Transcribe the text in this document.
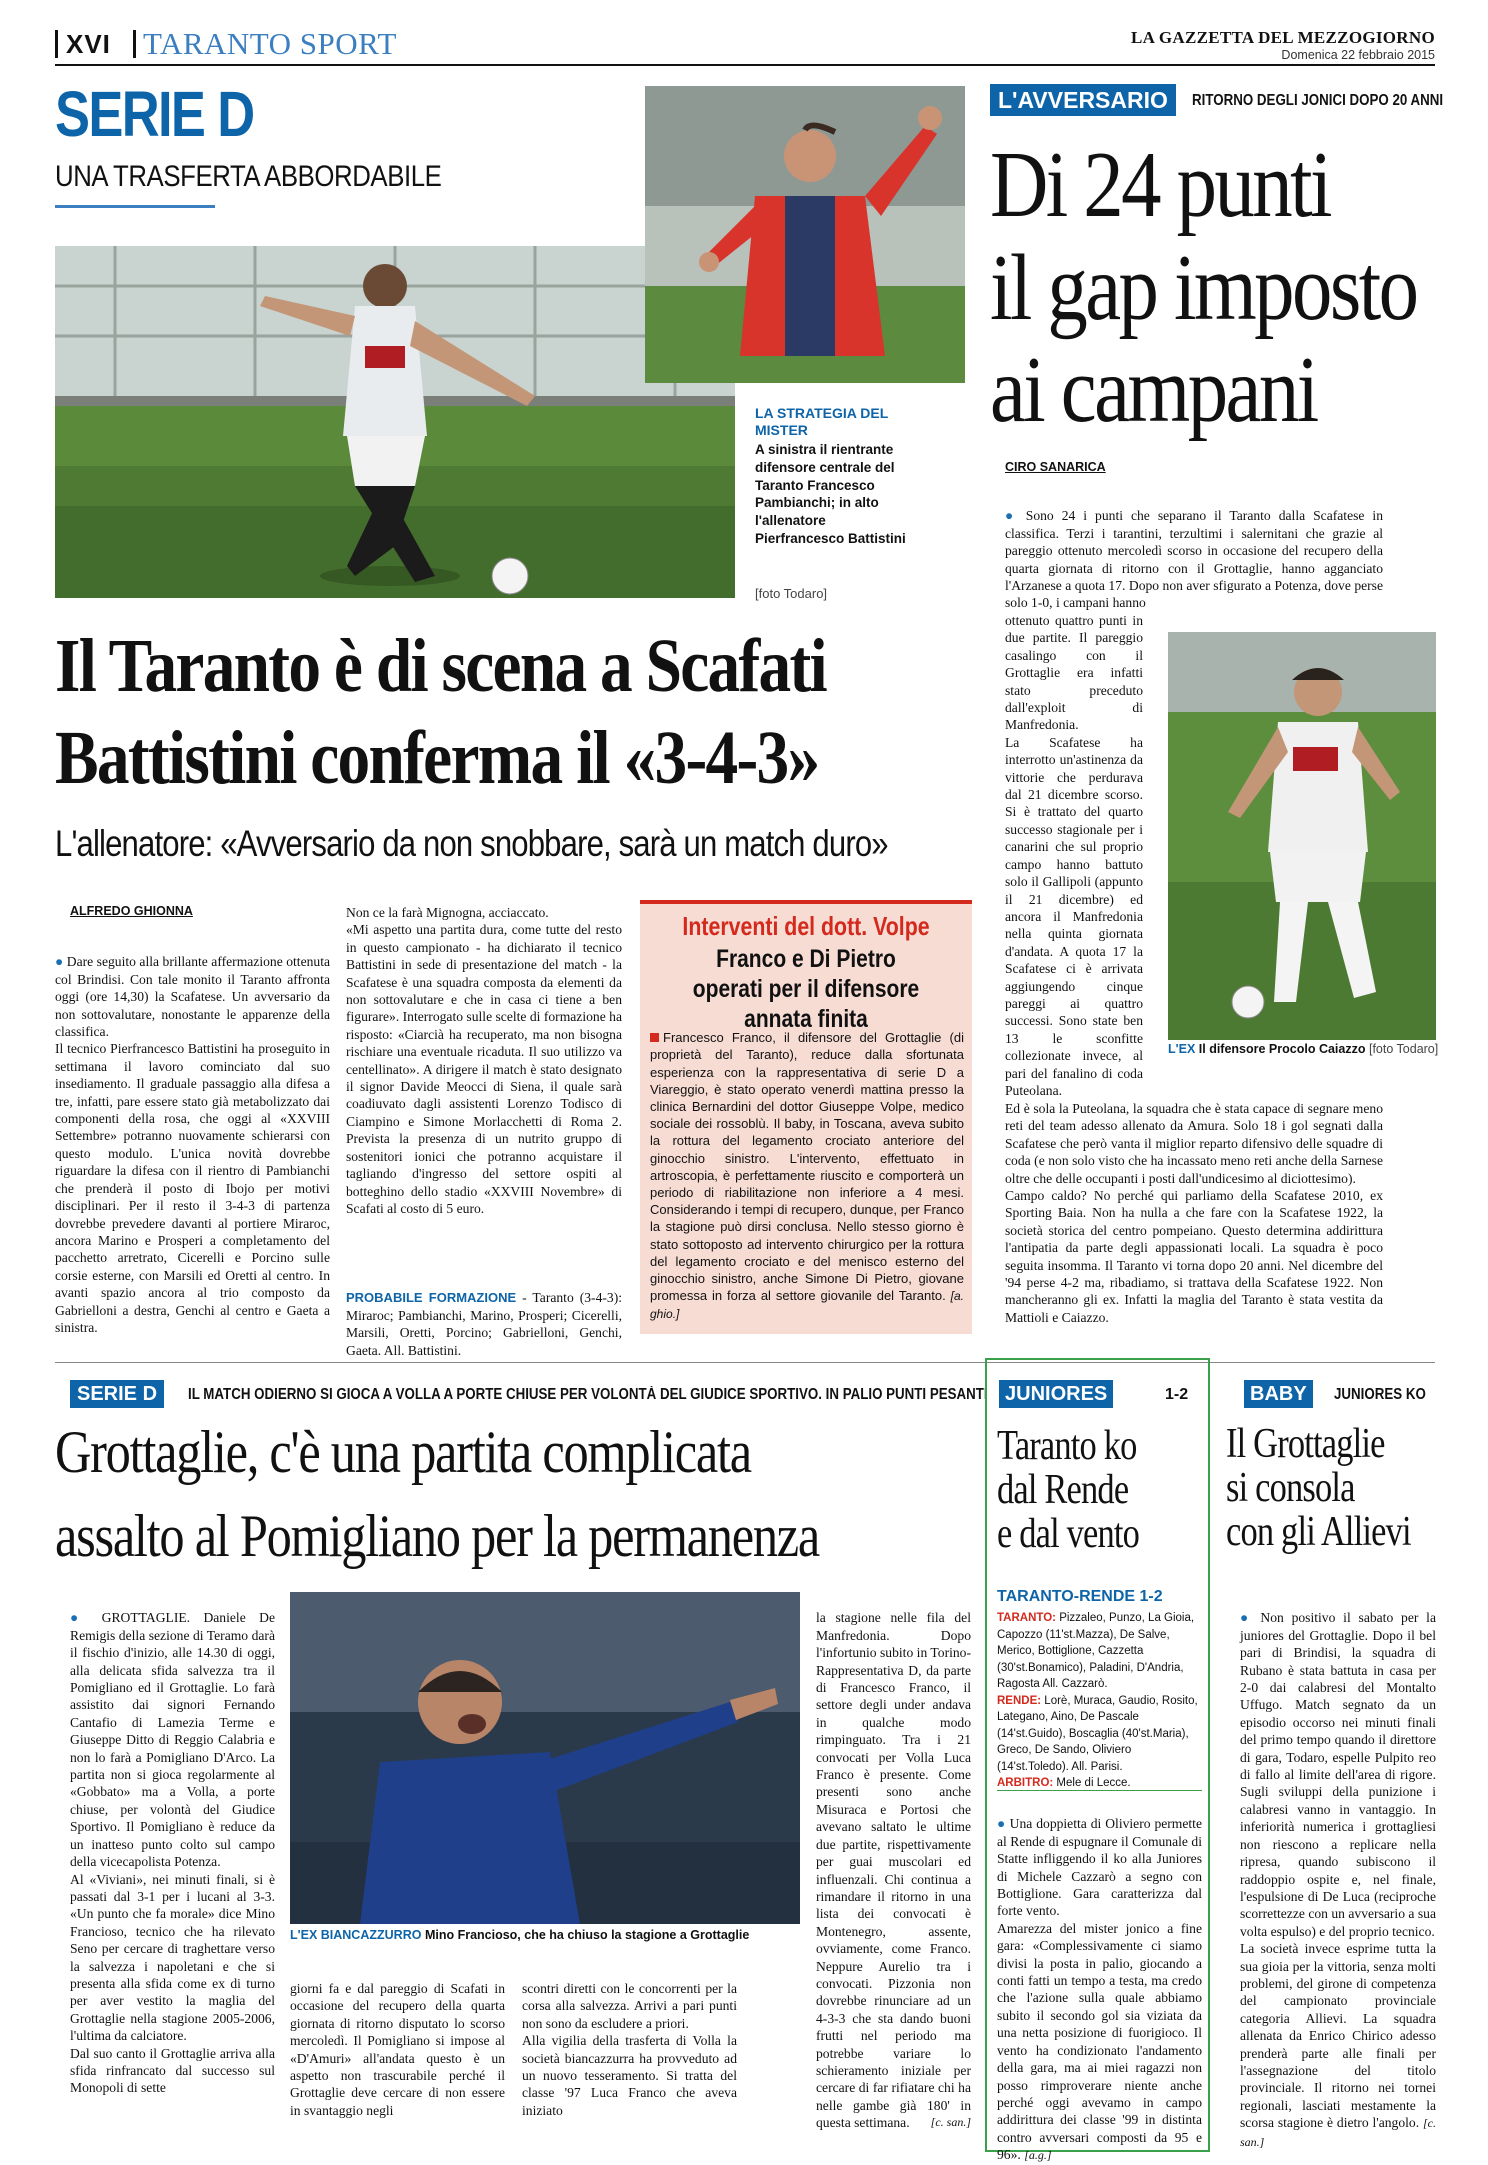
XVI TARANTO SPORT	LA GAZZETTA DEL MEZZOGIORNO
Domenica 22 febbraio 2015
SERIE D
UNA TRASFERTA ABBORDABILE
LA STRATEGIA DEL MISTER
A sinistra il rientrante difensore centrale del Taranto Francesco Pambianchi; in alto l'allenatore Pierfrancesco Battistini
[foto Todaro]
Il Taranto è di scena a Scafati
Battistini conferma il «3-4-3»
L'allenatore: «Avversario da non snobbare, sarà un match duro»
ALFREDO GHIONNA

● Dare seguito alla brillante affermazione ottenuta col Brindisi. Con tale monito il Taranto affronta oggi (ore 14,30) la Scafatese. Un avversario da non sottovalutare, nonostante le apparenze della classifica.
Il tecnico Pierfrancesco Battistini ha proseguito in settimana il lavoro cominciato dal suo insediamento. Il graduale passaggio alla difesa a tre, infatti, pare essere stato già metabolizzato dai componenti della rosa, che oggi al «XXVIII Settembre» potranno nuovamente schierarsi con questo modulo. L'unica novità dovrebbe riguardare la difesa con il rientro di Pambianchi che prenderà il posto di Ibojo per motivi disciplinari. Per il resto il 3-4-3 di partenza dovrebbe prevedere davanti al portiere Miraroc, ancora Marino e Prosperi a completamento del pacchetto arretrato, Cicerelli e Porcino sulle corsie esterne, con Marsili ed Oretti al centro. In avanti spazio ancora al trio composto da Gabrielloni a destra, Genchi al centro e Gaeta a sinistra.

Non ce la farà Mignogna, acciaccato.
«Mi aspetto una partita dura, come tutte del resto in questo campionato - ha dichiarato il tecnico Battistini in sede di presentazione del match - la Scafatese è una squadra composta da elementi da non sottovalutare e che in casa ci tiene a ben figurare». Interrogato sulle scelte di formazione ha risposto: «Ciarcià ha recuperato, ma non bisogna rischiare una eventuale ricaduta. Il suo utilizzo va centellinato». A dirigere il match è stato designato il signor Davide Meocci di Siena, il quale sarà coadiuvato dagli assistenti Lorenzo Todisco di Ciampino e Simone Morlacchetti di Roma 2. Prevista la presenza di un nutrito gruppo di sostenitori ionici che potranno acquistare il tagliando d'ingresso del settore ospiti al botteghino dello stadio «XXVIII Novembre» di Scafati al costo di 5 euro.

PROBABILE FORMAZIONE - Taranto (3-4-3): Miraroc; Pambianchi, Marino, Prosperi; Cicerelli, Marsili, Oretti, Porcino; Gabrielloni, Genchi, Gaeta. All. Battistini.

Interventi del dott. Volpe
Franco e Di Pietro operati per il difensore annata finita

Francesco Franco, il difensore del Grottaglie (di proprietà del Taranto), reduce dalla sfortunata esperienza con la rappresentativa di serie D a Viareggio, è stato operato venerdì mattina presso la clinica Bernardini del dottor Giuseppe Volpe, medico sociale dei rossoblù. Il baby, in Toscana, aveva subito la rottura del legamento crociato anteriore del ginocchio sinistro. L'intervento, effettuato in artroscopia, è perfettamente riuscito e comporterà un periodo di riabilitazione non inferiore a 4 mesi. Considerando i tempi di recupero, dunque, per Franco la stagione può dirsi conclusa. Nello stesso giorno è stato sottoposto ad intervento chirurgico per la rottura del legamento crociato e del menisco esterno del ginocchio sinistro, anche Simone Di Pietro, giovane promessa in forza al settore giovanile del Taranto. [a. ghio.]

L'AVVERSARIO	RITORNO DEGLI JONICI DOPO 20 ANNI
Di 24 punti
il gap imposto
ai campani
CIRO SANARICA

● Sono 24 i punti che separano il Taranto dalla Scafatese in classifica. Terzi i tarantini, terzultimi i salernitani che grazie al pareggio ottenuto mercoledì scorso in occasione del recupero della quarta giornata di ritorno con il Grottaglie, hanno agganciato l'Arzanese a quota 17. Dopo non aver sfigurato a Potenza, dove perse solo 1-0, i campani hanno

ottenuto quattro punti in due partite. Il pareggio casalingo con il Grottaglie era infatti stato preceduto dall'exploit di Manfredonia.
La Scafatese ha interrotto un'astinenza da vittorie che perdurava dal 21 dicembre scorso. Si è trattato del quarto successo stagionale per i canarini che sul proprio campo hanno battuto solo il Gallipoli (appunto il 21 dicembre) ed ancora il Manfredonia nella quinta giornata d'andata. A quota 17 la Scafatese ci è arrivata aggiungendo cinque pareggi ai quattro successi. Sono state ben 13 le sconfitte collezionate invece, al pari del fanalino di coda Puteolana.
L'EX Il difensore Procolo Caiazzo [foto Todaro]
Ed è sola la Puteolana, la squadra che è stata capace di segnare meno reti del team adesso allenato da Amura. Solo 18 i gol segnati dalla Scafatese che però vanta il miglior reparto difensivo delle squadre di coda (e non solo visto che ha incassato meno reti anche della Sarnese oltre che delle occupanti i posti dall'undicesimo al diciottesimo).
Campo caldo? No perché qui parliamo della Scafatese 2010, ex Sporting Baia. Non ha nulla a che fare con la Scafatese 1922, la società storica del centro pompeiano. Questo determina addirittura l'antipatia da parte degli appassionati locali. La squadra è poco seguita insomma. Il Taranto vi torna dopo 20 anni. Nel dicembre del '94 perse 4-2 ma, ribadiamo, si trattava della Scafatese 1922. Non mancheranno gli ex. Infatti la maglia del Taranto è stata vestita da Mattioli e Caiazzo.
SERIE D	IL MATCH ODIERNO SI GIOCA A VOLLA A PORTE CHIUSE PER VOLONTÀ DEL GIUDICE SPORTIVO. IN PALIO PUNTI PESANTI
Grottaglie, c'è una partita complicata
assalto al Pomigliano per la permanenza

● GROTTAGLIE. Daniele De Remigis della sezione di Teramo darà il fischio d'inizio, alle 14.30 di oggi, alla delicata sfida salvezza tra il Pomigliano ed il Grottaglie. Lo farà assistito dai signori Fernando Cantafio di Lamezia Terme e Giuseppe Ditto di Reggio Calabria e non lo farà a Pomigliano D'Arco. La partita non si gioca regolarmente al «Gobbato» ma a Volla, a porte chiuse, per volontà del Giudice Sportivo. Il Pomigliano è reduce da un inatteso punto colto sul campo della vicecapolista Potenza.
Al «Viviani», nei minuti finali, si è passati dal 3-1 per i lucani al 3-3. «Un punto che fa morale» dice Mino Francioso, tecnico che ha rilevato Seno per cercare di traghettare verso la salvezza i napoletani e che si presenta alla sfida come ex di turno per aver vestito la maglia del Grottaglie nella stagione 2005-2006, l'ultima da calciatore.
Dal suo canto il Grottaglie arriva alla sfida rinfrancato dal successo sul Monopoli di sette

L'EX BIANCAZZURRO Mino Francioso, che ha chiuso la stagione a Grottaglie
giorni fa e dal pareggio di Scafati in occasione del recupero della quarta giornata di ritorno disputato lo scorso mercoledì. Il Pomigliano si impose al «D'Amuri» all'andata questo è un aspetto non trascurabile perché il Grottaglie deve cercare di non essere in svantaggio negli
scontri diretti con le concorrenti per la corsa alla salvezza. Arrivi a pari punti non sono da escludere a priori.
Alla vigilia della trasferta di Volla la società biancazzurra ha provveduto ad un nuovo tesseramento. Si tratta del classe '97 Luca Franco che aveva iniziato

la stagione nelle fila del Manfredonia. Dopo l'infortunio subito in Torino-Rappresentativa D, da parte di Francesco Franco, il settore degli under andava in qualche modo rimpinguato. Tra i 21 convocati per Volla Luca Franco è presente. Come presenti sono anche Misuraca e Portosi che avevano saltato le ultime due partite, rispettivamente per guai muscolari ed influenzali. Chi continua a rimandare il ritorno in una lista dei convocati è Montenegro, assente, ovviamente, come Franco. Neppure Aurelio tra i convocati. Pizzonia non dovrebbe rinunciare ad un 4-3-3 che sta dando buoni frutti nel periodo ma potrebbe variare lo schieramento iniziale per cercare di far rifiatare chi ha nelle gambe già 180' in questa settimana. [c. san.]

JUNIORES	1-2
Taranto ko
dal Rende
e dal vento
TARANTO-RENDE 1-2
TARANTO: Pizzaleo, Punzo, La Gioia, Capozzo (11'st.Mazza), De Salve, Merico, Bottiglione, Cazzetta (30'st.Bonamico), Paladini, D'Andria, Ragosta All. Cazzarò.
RENDE: Lorè, Muraca, Gaudio, Rosito, Lategano, Aino, De Pascale (14'st.Guido), Boscaglia (40'st.Maria), Greco, De Sando, Oliviero (14'st.Toledo). All. Parisi.
ARBITRO: Mele di Lecce.

● Una doppietta di Oliviero permette al Rende di espugnare il Comunale di Statte infliggendo il ko alla Juniores di Michele Cazzarò a segno con Bottiglione. Gara caratterizza dal forte vento.
Amarezza del mister jonico a fine gara: «Complessivamente ci siamo divisi la posta in palio, giocando a conti fatti un tempo a testa, ma credo che l'azione sulla quale abbiamo subito il secondo gol sia viziata da una netta posizione di fuorigioco. Il vento ha condizionato l'andamento della gara, ma ai miei ragazzi non posso rimproverare niente anche perché oggi avevamo in campo addirittura dei classe '99 in distinta contro avversari composti da 95 e 96». [a.g.]

BABY	JUNIORES KO
Il Grottaglie
si consola
con gli Allievi

● Non positivo il sabato per la juniores del Grottaglie. Dopo il bel pari di Brindisi, la squadra di Rubano è stata battuta in casa per 2-0 dai calabresi del Montalto Uffugo. Match segnato da un episodio occorso nei minuti finali del primo tempo quando il direttore di gara, Todaro, espelle Pulpito reo di fallo al limite dell'area di rigore. Sugli sviluppi della punizione i calabresi vanno in vantaggio. In inferiorità numerica i grottagliesi non riescono a replicare nella ripresa, quando subiscono il raddoppio ospite e, nel finale, l'espulsione di De Luca (reciproche scorrettezze con un avversario a sua volta espulso) e del proprio tecnico.
La società invece esprime tutta la sua gioia per la vittoria, senza molti problemi, del girone di competenza del campionato provinciale categoria Allievi. La squadra allenata da Enrico Chirico adesso prenderà parte alle finali per l'assegnazione del titolo provinciale. Il ritorno nei tornei regionali, lasciati mestamente la scorsa stagione è dietro l'angolo. [c. san.]
